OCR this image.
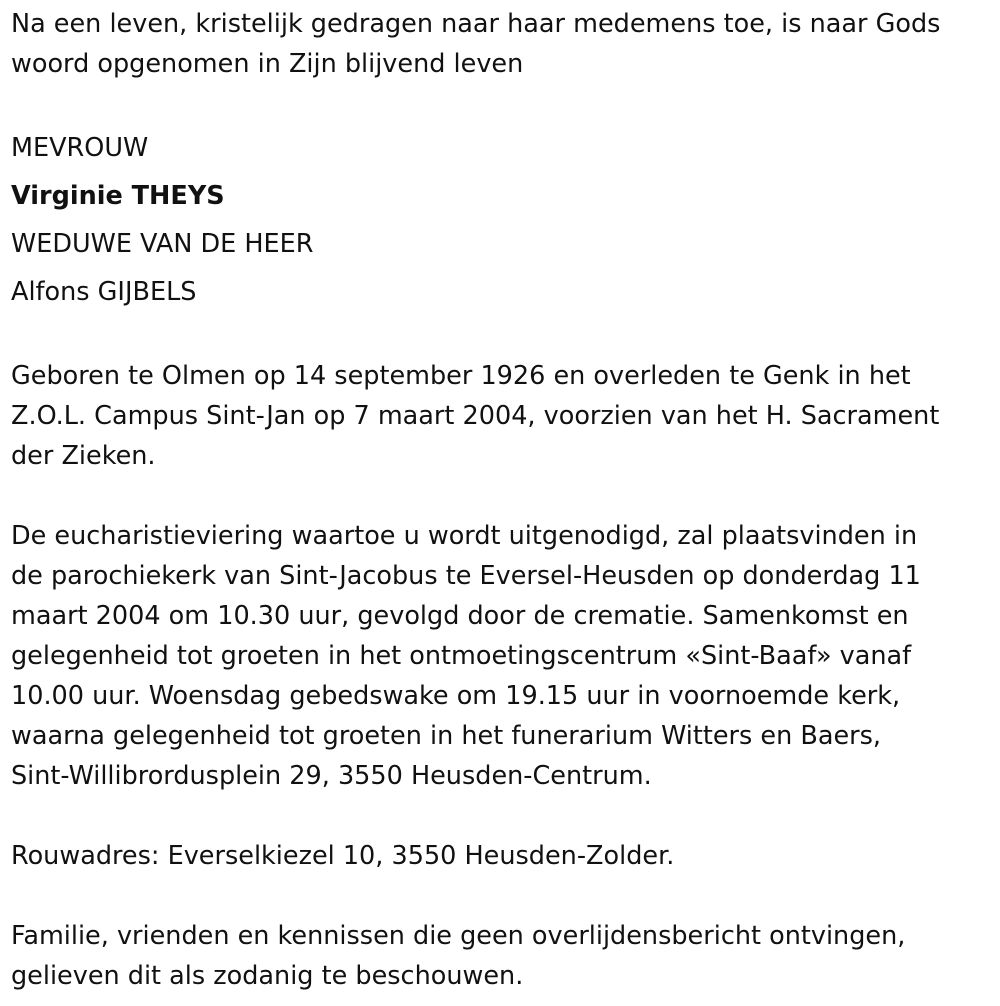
Na een leven, kristelijk gedragen naar haar medemens toe, is naar Gods
woord opgenomen in Zijn blijvend leven
MEVROUW
Virginie THEYS
WEDUWE VAN DE HEER
Alfons GIJBELS
Geboren te Olmen op 14 september 1926 en overleden te Genk in het
Z.O.L. Campus Sint-Jan op 7 maart 2004, voorzien van het H. Sacrament
der Zieken.
De eucharistieviering waartoe u wordt uitgenodigd, zal plaatsvinden in
de parochiekerk van Sint-Jacobus te Eversel-Heusden op donderdag 11
maart 2004 om 10.30 uur, gevolgd door de crematie. Samenkomst en
gelegenheid tot groeten in het ontmoetingscentrum «Sint-Baaf» vanaf
10.00 uur. Woensdag gebedswake om 19.15 uur in voornoemde kerk,
waarna gelegenheid tot groeten in het funerarium Witters en Baers,
Sint-Willibrordusplein 29, 3550 Heusden-Centrum.
Rouwadres: Everselkiezel 10, 3550 Heusden-Zolder.
Familie, vrienden en kennissen die geen overlijdensbericht ontvingen,
gelieven dit als zodanig te beschouwen.
